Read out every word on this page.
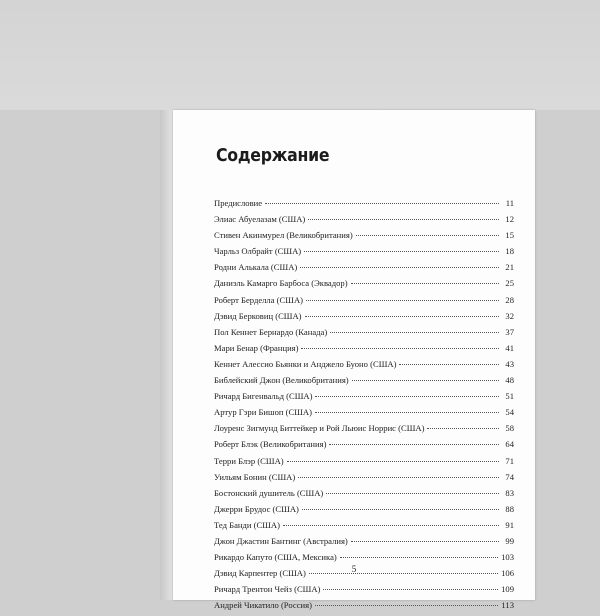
Содержание
Предисловие	11
Элиас Абуелазам (США)	12
Стивен Акинмурел (Великобритания)	15
Чарльз Олбрайт (США)	18
Родни Алькала (США)	21
Даниэль Камарго Барбоса (Эквадор)	25
Роберт Берделла (США)	28
Дэвид Берковиц (США)	32
Пол Кеннет Бернардо (Канада)	37
Мари Бенар (Франция)	41
Кеннет Алессио Бьянки и Анджело Буоно (США)	43
Библейский Джон (Великобритания)	48
Ричард Бигенвальд (США)	51
Артур Гэри Бишоп (США)	54
Лоуренс Зигмунд Биттейкер и Рой Льюис Норрис (США)	58
Роберт Блэк (Великобритания)	64
Терри Блэр (США)	71
Уильям Бонин (США)	74
Бостонский душитель (США)	83
Джерри Брудос (США)	88
Тед Банди (США)	91
Джон Джастин Бантинг (Австралия)	99
Рикардо Капуто (США, Мексика)	103
Дэвид Карпентер (США)	106
Ричард Трентон Чейз (США)	109
Андрей Чикатило (Россия)	113
5
